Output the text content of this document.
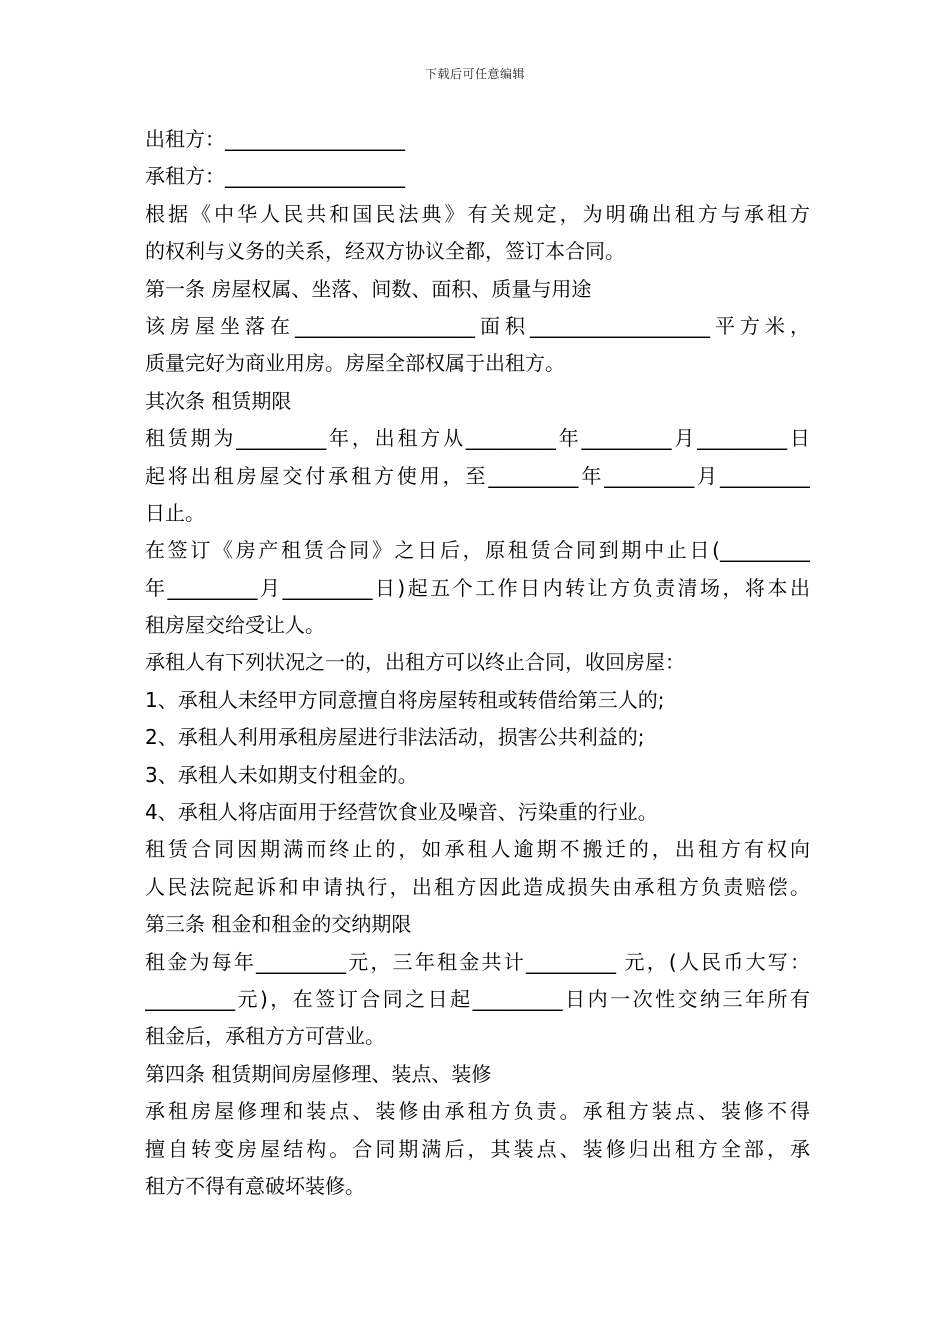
下载后可任意编辑
出租方：__________________
承租方：__________________
根据《中华人民共和国民法典》有关规定，为明确出租方与承租方
的权利与义务的关系，经双方协议全都，签订本合同。
第一条 房屋权属、坐落、间数、面积、质量与用途
该房屋坐落在__________________面积__________________平方米，
质量完好为商业用房。房屋全部权属于出租方。
其次条 租赁期限
租赁期为_________年，出租方从_________年_________月_________日
起将出租房屋交付承租方使用，至_________年_________月_________
日止。
在签订《房产租赁合同》之日后，原租赁合同到期中止日(_________
年_________月_________日)起五个工作日内转让方负责清场，将本出
租房屋交给受让人。
承租人有下列状况之一的，出租方可以终止合同，收回房屋：
1、承租人未经甲方同意擅自将房屋转租或转借给第三人的;
2、承租人利用承租房屋进行非法活动，损害公共利益的;
3、承租人未如期支付租金的。
4、承租人将店面用于经营饮食业及噪音、污染重的行业。
租赁合同因期满而终止的，如承租人逾期不搬迁的，出租方有权向
人民法院起诉和申请执行，出租方因此造成损失由承租方负责赔偿。
第三条 租金和租金的交纳期限
租金为每年_________元，三年租金共计_________ 元，(人民币大写：
_________元)，在签订合同之日起_________日内一次性交纳三年所有
租金后，承租方方可营业。
第四条 租赁期间房屋修理、装点、装修
承租房屋修理和装点、装修由承租方负责。承租方装点、装修不得
擅自转变房屋结构。合同期满后，其装点、装修归出租方全部，承
租方不得有意破坏装修。
